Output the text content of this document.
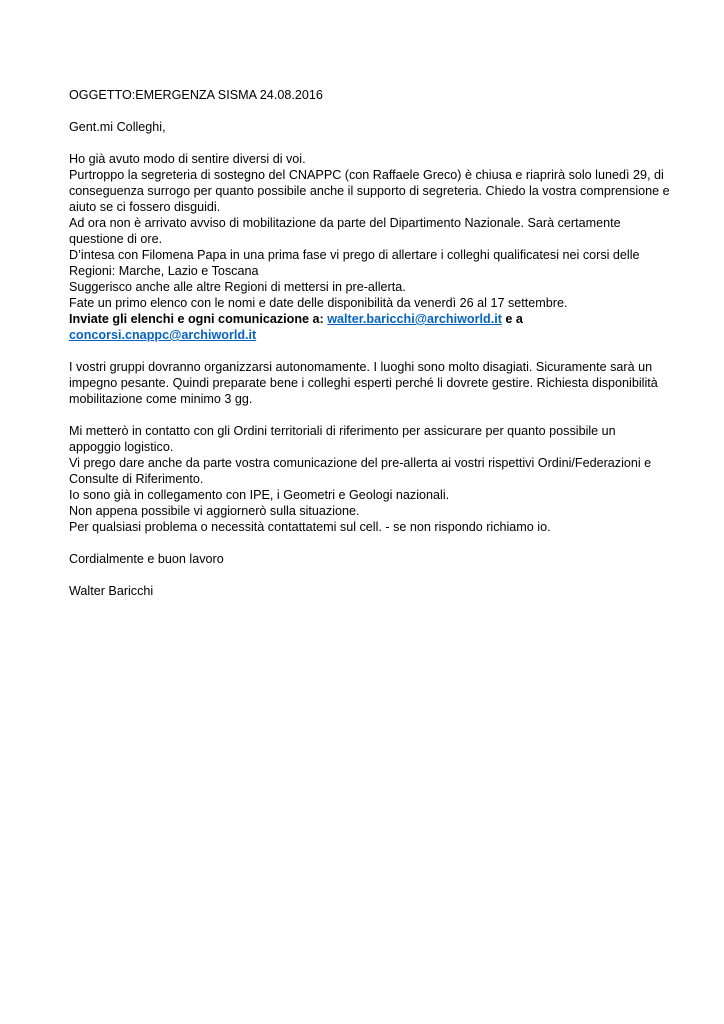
OGGETTO:EMERGENZA SISMA 24.08.2016
Gent.mi Colleghi,
Ho già avuto modo di sentire diversi di voi.
Purtroppo la segreteria di sostegno del CNAPPC (con Raffaele Greco) è chiusa e riaprirà solo lunedì 29, di
conseguenza surrogo per quanto possibile anche il supporto di segreteria. Chiedo la vostra comprensione e
aiuto se ci fossero disguidi.
Ad ora non è arrivato avviso di mobilitazione da parte del Dipartimento Nazionale. Sarà certamente
questione di ore.
D’intesa con Filomena Papa in una prima fase vi prego di allertare i colleghi qualificatesi nei corsi delle
Regioni: Marche, Lazio e Toscana
Suggerisco anche alle altre Regioni di mettersi in pre-allerta.
Fate un primo elenco con le nomi e date delle disponibilità da venerdì 26 al 17 settembre.
Inviate gli elenchi e ogni comunicazione a: walter.baricchi@archiworld.it e a
concorsi.cnappc@archiworld.it
I vostri gruppi dovranno organizzarsi autonomamente. I luoghi sono molto disagiati. Sicuramente sarà un
impegno pesante. Quindi preparate bene i colleghi esperti perché li dovrete gestire. Richiesta disponibilità
mobilitazione come minimo 3 gg.
Mi metterò in contatto con gli Ordini territoriali di riferimento per assicurare per quanto possibile un
appoggio logistico.
Vi prego dare anche da parte vostra comunicazione del pre-allerta ai vostri rispettivi Ordini/Federazioni e
Consulte di Riferimento.
Io sono già in collegamento con IPE, i Geometri e Geologi nazionali.
Non appena possibile vi aggiornerò sulla situazione.
Per qualsiasi problema o necessità contattatemi sul cell. - se non rispondo richiamo io.
Cordialmente e buon lavoro
Walter Baricchi
